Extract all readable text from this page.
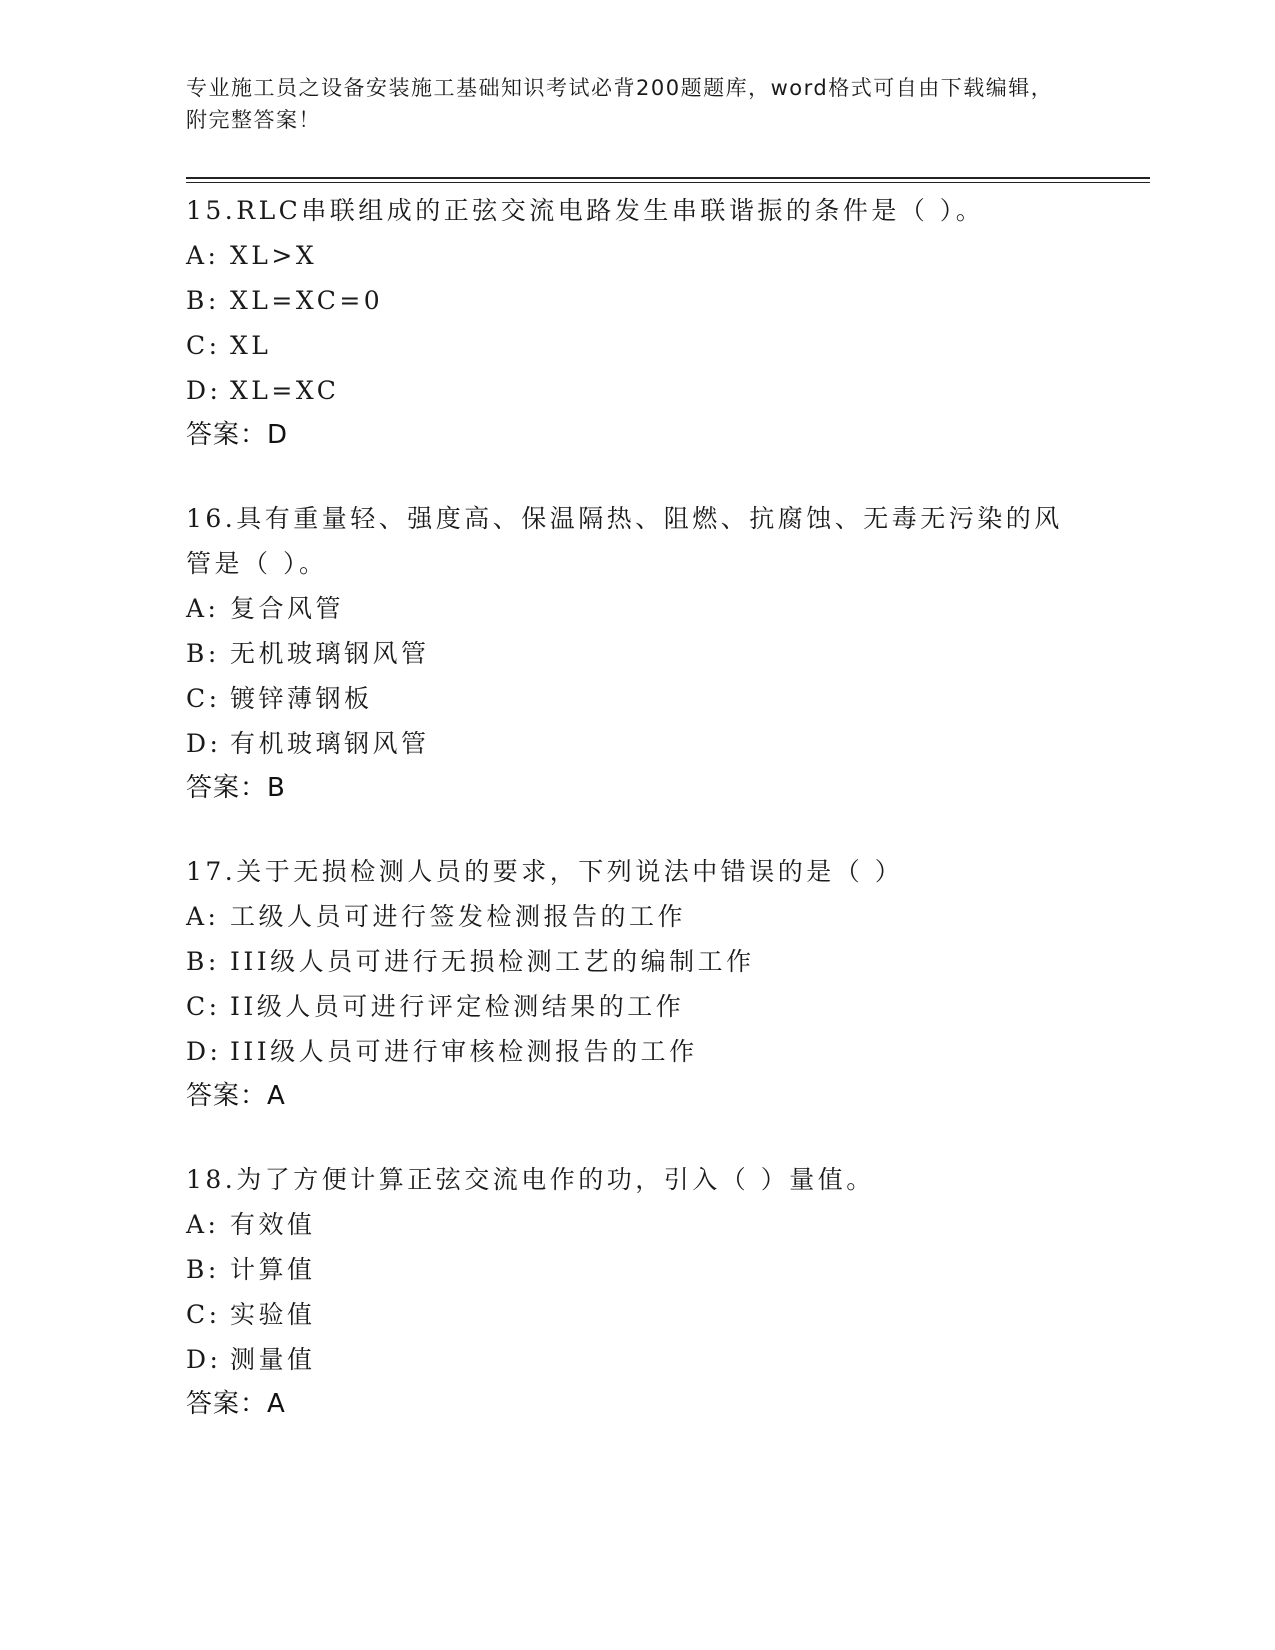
专业施工员之设备安装施工基础知识考试必背200题题库，word格式可自由下载编辑，附完整答案！

15.RLC串联组成的正弦交流电路发生串联谐振的条件是（ ）。

A: XL>X

B: XL=XC=0

C: XL

D: XL=XC

答案：D

16.具有重量轻、强度高、保温隔热、阻燃、抗腐蚀、无毒无污染的风管是（ ）。

A: 复合风管

B: 无机玻璃钢风管

C: 镀锌薄钢板

D: 有机玻璃钢风管

答案：B

17.关于无损检测人员的要求，下列说法中错误的是（ ）

A: 工级人员可进行签发检测报告的工作

B: III级人员可进行无损检测工艺的编制工作

C: II级人员可进行评定检测结果的工作

D: III级人员可进行审核检测报告的工作

答案：A

18.为了方便计算正弦交流电作的功，引入（ ）量值。

A: 有效值

B: 计算值

C: 实验值

D: 测量值

答案：A
